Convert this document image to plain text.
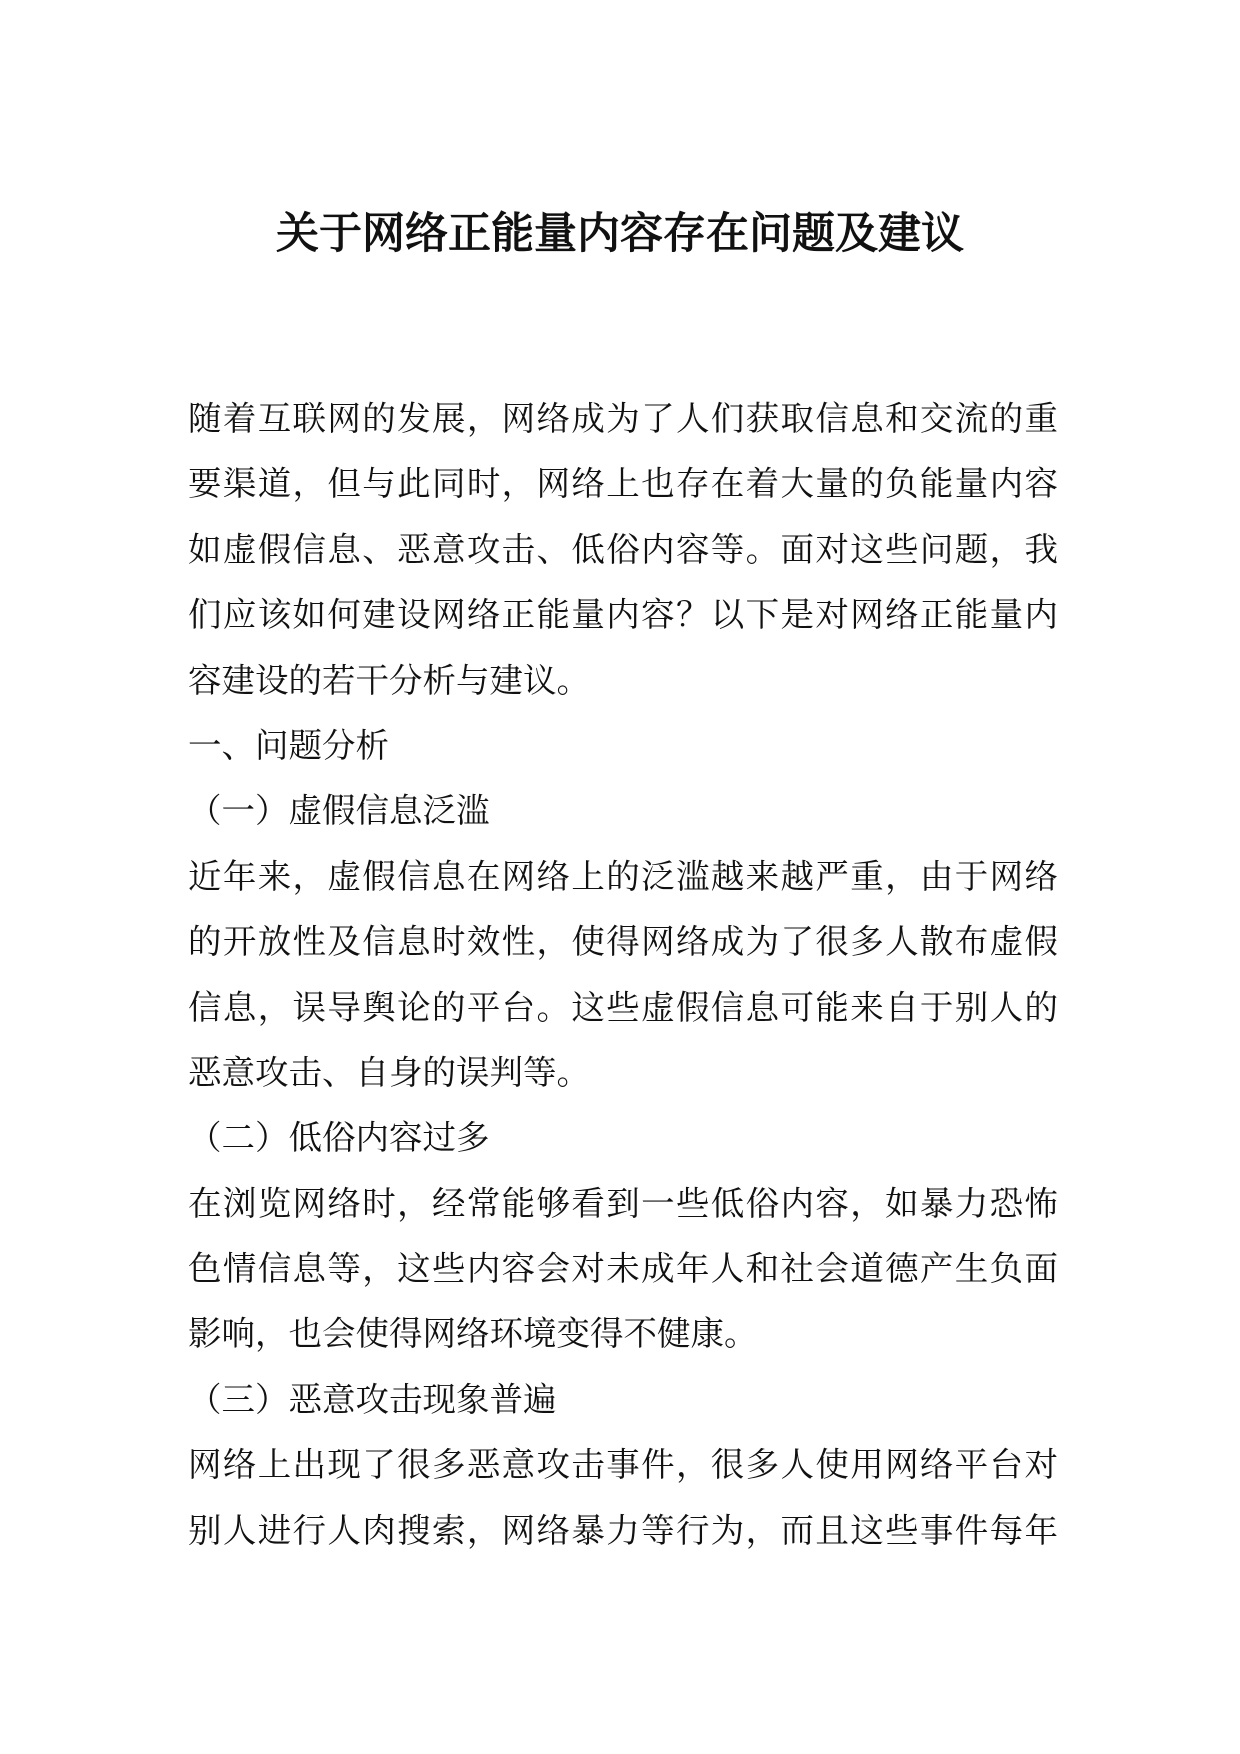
关于网络正能量内容存在问题及建议
随着互联网的发展，网络成为了人们获取信息和交流的重
要渠道，但与此同时，网络上也存在着大量的负能量内容
如虚假信息、恶意攻击、低俗内容等。面对这些问题，我
们应该如何建设网络正能量内容？以下是对网络正能量内
容建设的若干分析与建议。
一、问题分析
（一）虚假信息泛滥
近年来，虚假信息在网络上的泛滥越来越严重，由于网络
的开放性及信息时效性，使得网络成为了很多人散布虚假
信息，误导舆论的平台。这些虚假信息可能来自于别人的
恶意攻击、自身的误判等。
（二）低俗内容过多
在浏览网络时，经常能够看到一些低俗内容，如暴力恐怖
色情信息等，这些内容会对未成年人和社会道德产生负面
影响，也会使得网络环境变得不健康。
（三）恶意攻击现象普遍
网络上出现了很多恶意攻击事件，很多人使用网络平台对
别人进行人肉搜索，网络暴力等行为，而且这些事件每年
